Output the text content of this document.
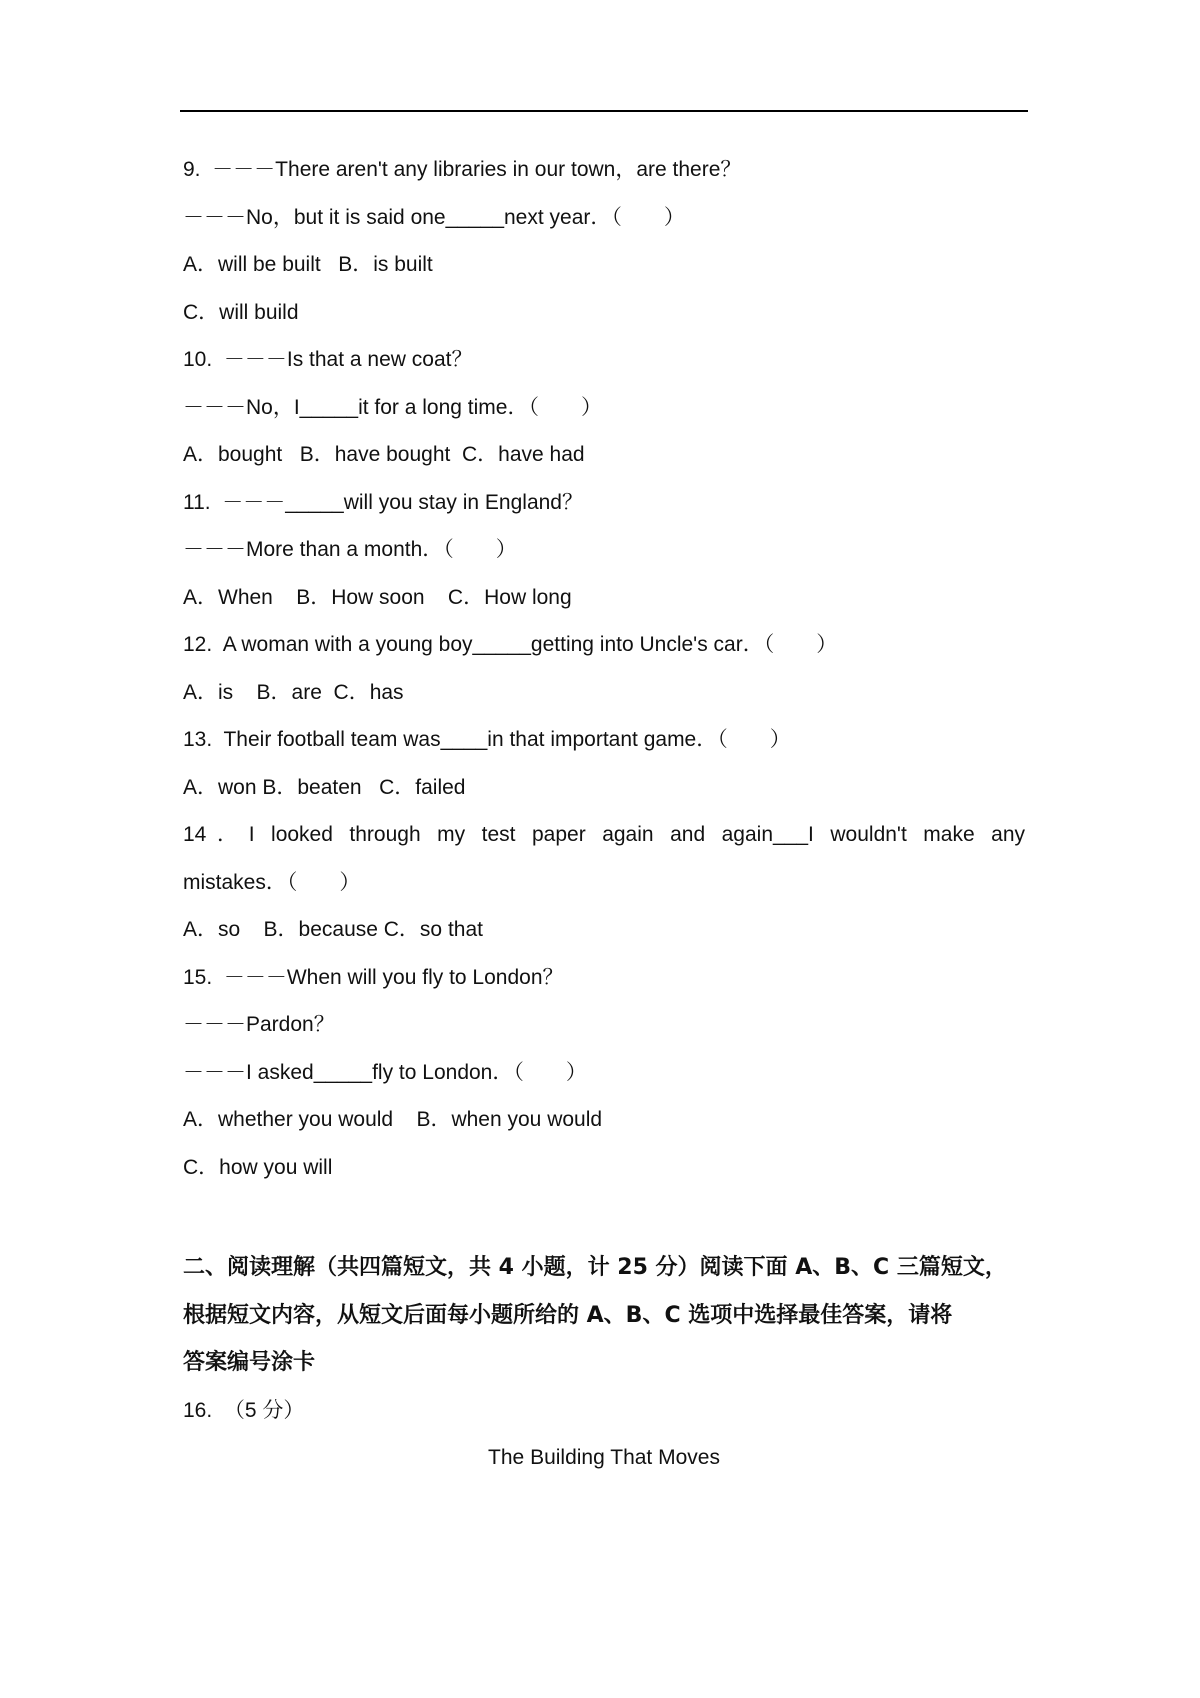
9.  －－－There aren't any libraries in our town，are there？
－－－No，but it is said one_____next year．（　　）
A．will be built   B．is built
C．will build
10.  －－－Is that a new coat？
－－－No，I_____it for a long time．（　　）
A．bought   B．have bought  C．have had
11.  －－－_____will you stay in England？
－－－More than a month．（　　）
A．When    B．How soon    C．How long
12.  A woman with a young boy_____getting into Uncle's car．（　　）
A．is    B．are  C．has
13.  Their football team was____in that important game．（　　）
A．won B．beaten   C．failed
14．I looked through my test paper again and again___I wouldn't make any
mistakes．（　　）
A．so    B．because C．so that
15.  －－－When will you fly to London？
－－－Pardon？
－－－I asked_____fly to London．（　　）
A．whether you would    B．when you would
C．how you will
二、阅读理解（共四篇短文，共 4 小题，计 25 分）阅读下面 A、B、C 三篇短文，
根据短文内容，从短文后面每小题所给的 A、B、C 选项中选择最佳答案，请将
答案编号涂卡
16.  （5 分）
The Building That Moves
